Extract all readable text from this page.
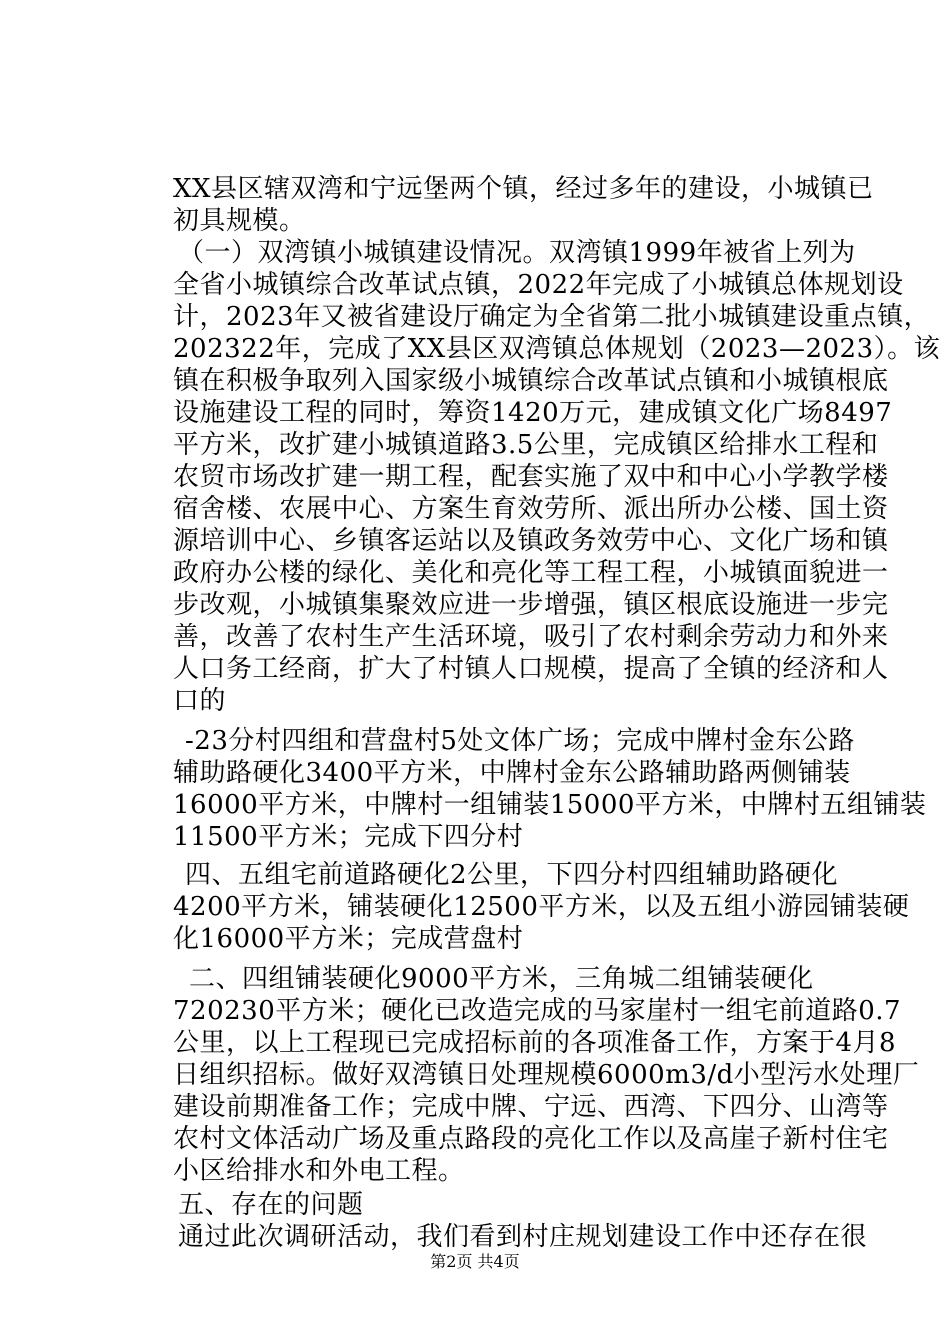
XX县区辖双湾和宁远堡两个镇，经过多年的建设，小城镇已
初具规模。
（一）双湾镇小城镇建设情况。双湾镇1999年被省上列为
全省小城镇综合改革试点镇，2022年完成了小城镇总体规划设
计，2023年又被省建设厅确定为全省第二批小城镇建设重点镇，
202322年，完成了XX县区双湾镇总体规划（2023—2023）。该
镇在积极争取列入国家级小城镇综合改革试点镇和小城镇根底
设施建设工程的同时，筹资1420万元，建成镇文化广场8497
平方米，改扩建小城镇道路3.5公里，完成镇区给排水工程和
农贸市场改扩建一期工程，配套实施了双中和中心小学教学楼
宿舍楼、农展中心、方案生育效劳所、派出所办公楼、国土资
源培训中心、乡镇客运站以及镇政务效劳中心、文化广场和镇
政府办公楼的绿化、美化和亮化等工程工程，小城镇面貌进一
步改观，小城镇集聚效应进一步增强，镇区根底设施进一步完
善，改善了农村生产生活环境，吸引了农村剩余劳动力和外来
人口务工经商，扩大了村镇人口规模，提高了全镇的经济和人
口的
-23分村四组和营盘村5处文体广场；完成中牌村金东公路
辅助路硬化3400平方米，中牌村金东公路辅助路两侧铺装
16000平方米，中牌村一组铺装15000平方米，中牌村五组铺装
11500平方米；完成下四分村
四、五组宅前道路硬化2公里，下四分村四组辅助路硬化
4200平方米，铺装硬化12500平方米，以及五组小游园铺装硬
化16000平方米；完成营盘村
二、四组铺装硬化9000平方米，三角城二组铺装硬化
720230平方米；硬化已改造完成的马家崖村一组宅前道路0.7
公里，以上工程现已完成招标前的各项准备工作，方案于4月8
日组织招标。做好双湾镇日处理规模6000m3/d小型污水处理厂
建设前期准备工作；完成中牌、宁远、西湾、下四分、山湾等
农村文体活动广场及重点路段的亮化工作以及高崖子新村住宅
小区给排水和外电工程。
五、存在的问题
通过此次调研活动，我们看到村庄规划建设工作中还存在很
第2页 共4页
